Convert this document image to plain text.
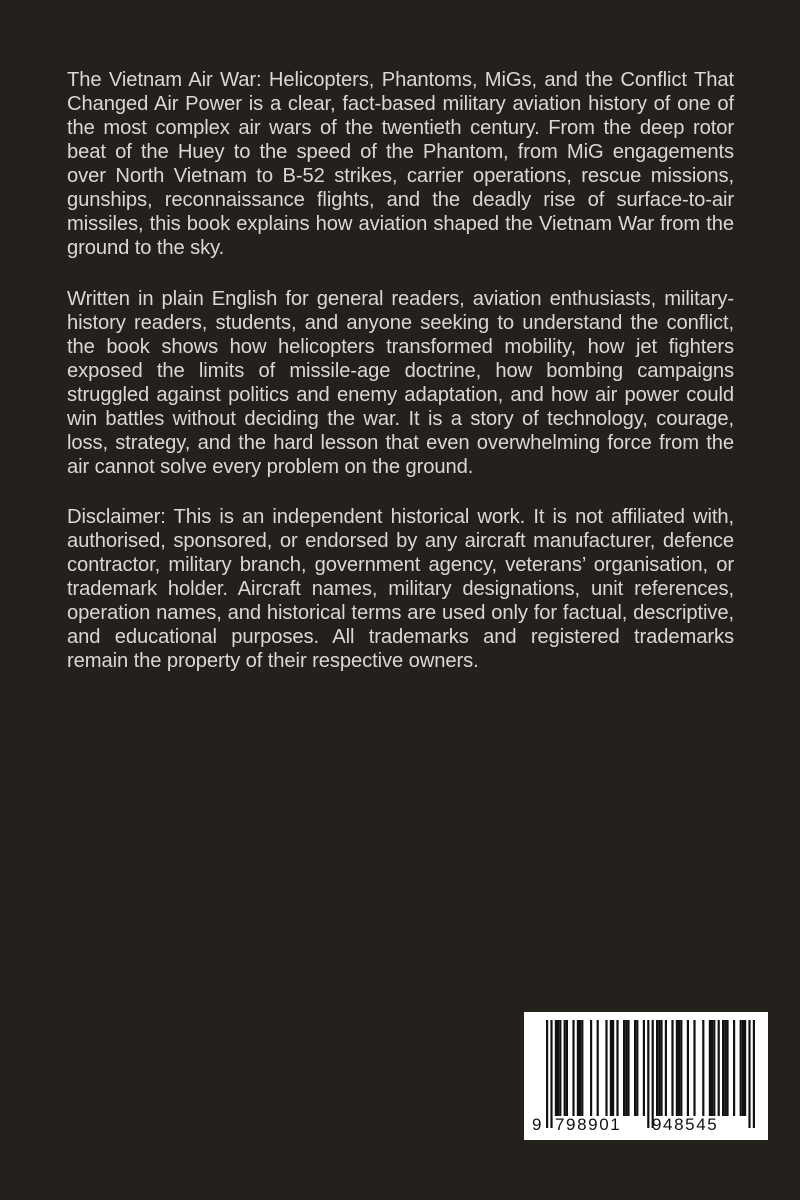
The Vietnam Air War: Helicopters, Phantoms, MiGs, and the Conflict That Changed Air Power is a clear, fact-based military aviation history of one of the most complex air wars of the twentieth century. From the deep rotor beat of the Huey to the speed of the Phantom, from MiG engagements over North Vietnam to B-52 strikes, carrier operations, rescue missions, gunships, reconnaissance flights, and the deadly rise of surface-to-air missiles, this book explains how aviation shaped the Vietnam War from the ground to the sky.

Written in plain English for general readers, aviation enthusiasts, military-history readers, students, and anyone seeking to understand the conflict, the book shows how helicopters transformed mobility, how jet fighters exposed the limits of missile-age doctrine, how bombing campaigns struggled against politics and enemy adaptation, and how air power could win battles without deciding the war. It is a story of technology, courage, loss, strategy, and the hard lesson that even overwhelming force from the air cannot solve every problem on the ground.

Disclaimer: This is an independent historical work. It is not affiliated with, authorised, sponsored, or endorsed by any aircraft manufacturer, defence contractor, military branch, government agency, veterans’ organisation, or trademark holder. Aircraft names, military designations, unit references, operation names, and historical terms are used only for factual, descriptive, and educational purposes. All trademarks and registered trademarks remain the property of their respective owners.

9 798901 948545
